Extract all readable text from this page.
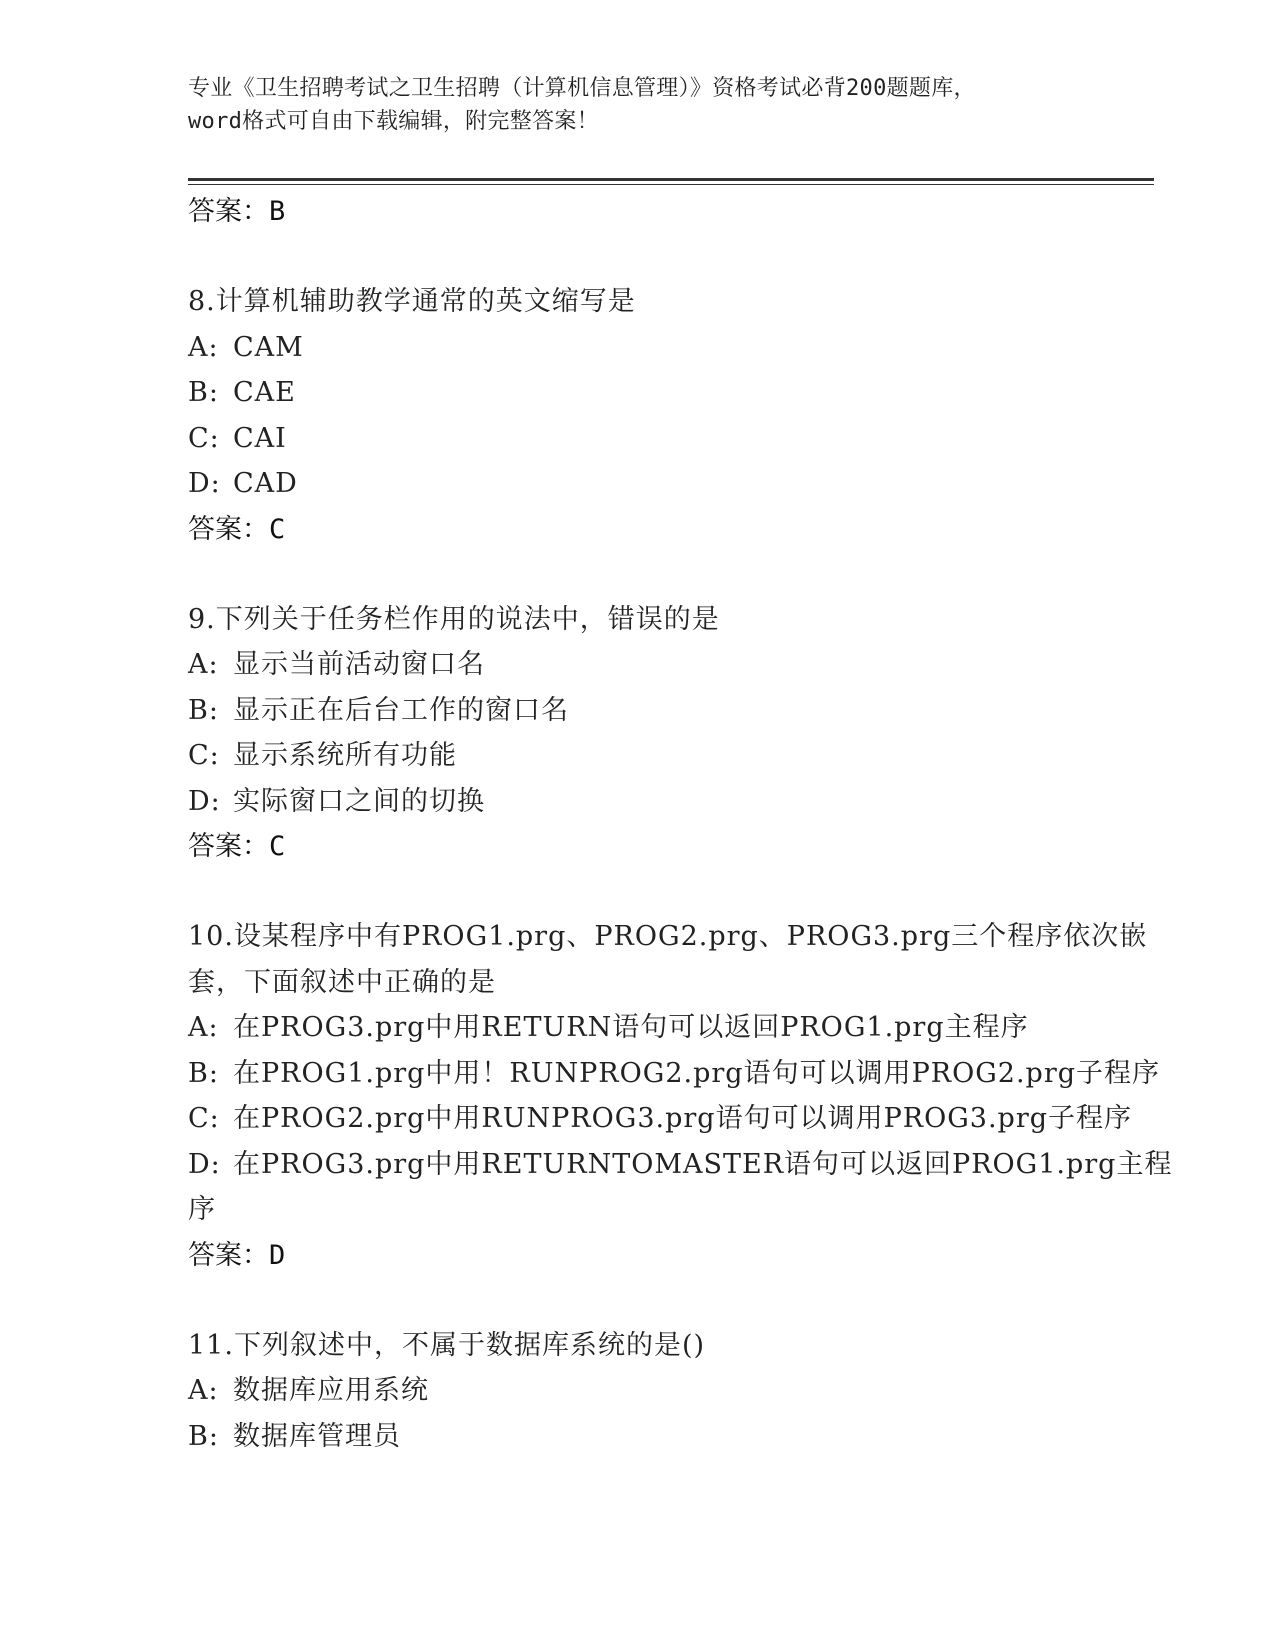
专业《卫生招聘考试之卫生招聘（计算机信息管理）》资格考试必背200题题库，
word格式可自由下载编辑，附完整答案！
答案：B
8.计算机辅助教学通常的英文缩写是
A: CAM
B: CAE
C: CAI
D: CAD
答案：C
9.下列关于任务栏作用的说法中，错误的是
A: 显示当前活动窗口名
B: 显示正在后台工作的窗口名
C: 显示系统所有功能
D: 实际窗口之间的切换
答案：C
10.设某程序中有PROG1.prg、PROG2.prg、PROG3.prg三个程序依次嵌
套，下面叙述中正确的是
A: 在PROG3.prg中用RETURN语句可以返回PROG1.prg主程序
B: 在PROG1.prg中用！RUNPROG2.prg语句可以调用PROG2.prg子程序
C: 在PROG2.prg中用RUNPROG3.prg语句可以调用PROG3.prg子程序
D: 在PROG3.prg中用RETURNTOMASTER语句可以返回PROG1.prg主程
序
答案：D
11.下列叙述中，不属于数据库系统的是()
A: 数据库应用系统
B: 数据库管理员
